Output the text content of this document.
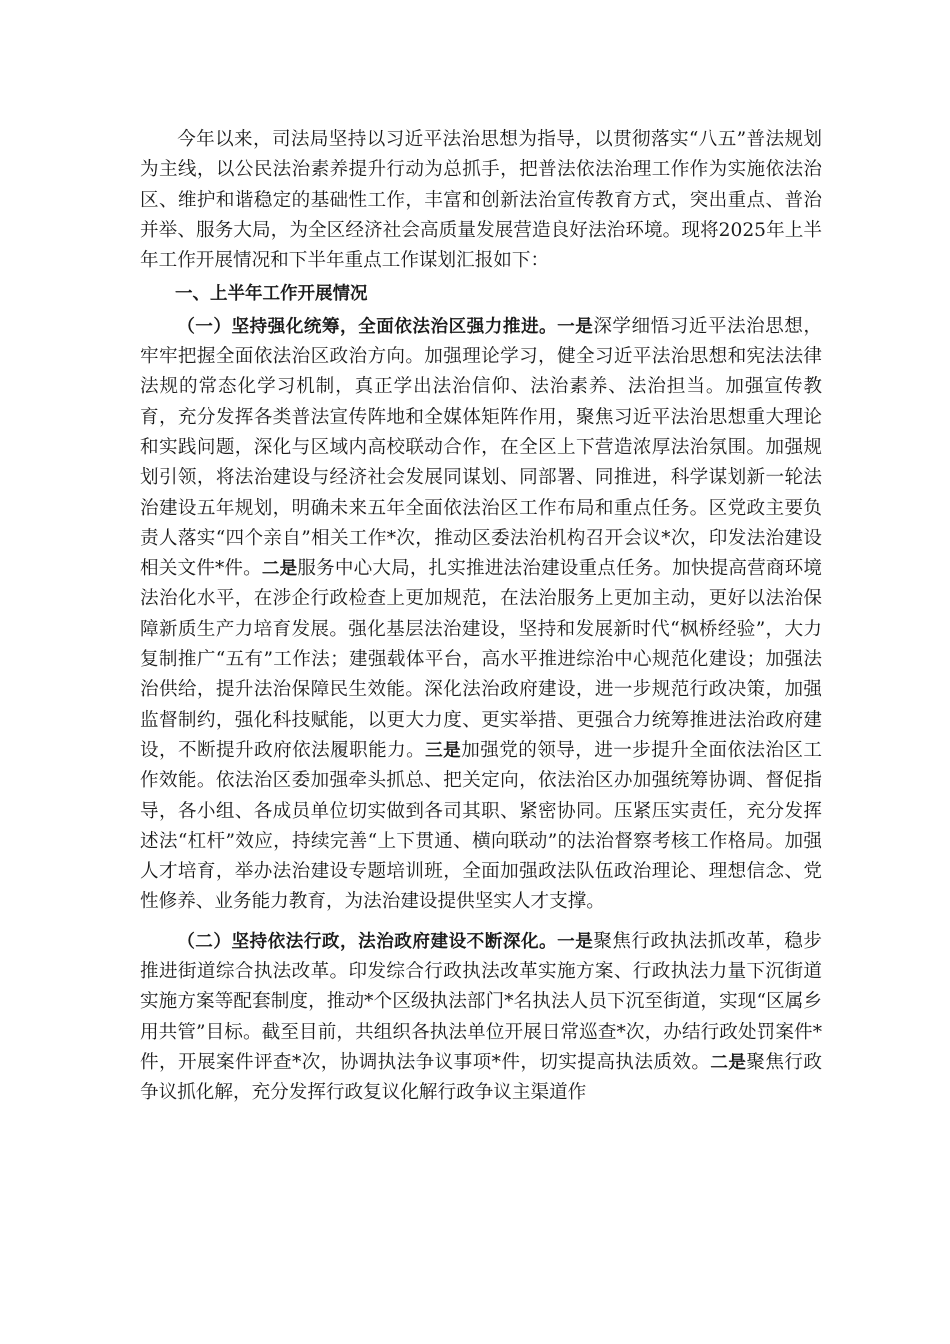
今年以来，司法局坚持以习近平法治思想为指导，以贯彻落实“八五”普法规划为主线，以公民法治素养提升行动为总抓手，把普法依法治理工作作为实施依法治区、维护和谐稳定的基础性工作，丰富和创新法治宣传教育方式，突出重点、普治并举、服务大局，为全区经济社会高质量发展营造良好法治环境。现将2025年上半年工作开展情况和下半年重点工作谋划汇报如下：

一、上半年工作开展情况

（一）坚持强化统筹，全面依法治区强力推进。一是深学细悟习近平法治思想，牢牢把握全面依法治区政治方向。加强理论学习，健全习近平法治思想和宪法法律法规的常态化学习机制，真正学出法治信仰、法治素养、法治担当。加强宣传教育，充分发挥各类普法宣传阵地和全媒体矩阵作用，聚焦习近平法治思想重大理论和实践问题，深化与区域内高校联动合作，在全区上下营造浓厚法治氛围。加强规划引领，将法治建设与经济社会发展同谋划、同部署、同推进，科学谋划新一轮法治建设五年规划，明确未来五年全面依法治区工作布局和重点任务。区党政主要负责人落实“四个亲自”相关工作*次，推动区委法治机构召开会议*次，印发法治建设相关文件*件。二是服务中心大局，扎实推进法治建设重点任务。加快提高营商环境法治化水平，在涉企行政检查上更加规范，在法治服务上更加主动，更好以法治保障新质生产力培育发展。强化基层法治建设，坚持和发展新时代“枫桥经验”，大力复制推广“五有”工作法；建强载体平台，高水平推进综治中心规范化建设；加强法治供给，提升法治保障民生效能。深化法治政府建设，进一步规范行政决策，加强监督制约，强化科技赋能，以更大力度、更实举措、更强合力统筹推进法治政府建设，不断提升政府依法履职能力。三是加强党的领导，进一步提升全面依法治区工作效能。依法治区委加强牵头抓总、把关定向，依法治区办加强统筹协调、督促指导，各小组、各成员单位切实做到各司其职、紧密协同。压紧压实责任，充分发挥述法“杠杆”效应，持续完善“上下贯通、横向联动”的法治督察考核工作格局。加强人才培育，举办法治建设专题培训班，全面加强政法队伍政治理论、理想信念、党性修养、业务能力教育，为法治建设提供坚实人才支撑。

（二）坚持依法行政，法治政府建设不断深化。一是聚焦行政执法抓改革，稳步推进街道综合执法改革。印发综合行政执法改革实施方案、行政执法力量下沉街道实施方案等配套制度，推动*个区级执法部门*名执法人员下沉至街道，实现“区属乡用共管”目标。截至目前，共组织各执法单位开展日常巡查*次，办结行政处罚案件*件，开展案件评查*次，协调执法争议事项*件，切实提高执法质效。二是聚焦行政争议抓化解，充分发挥行政复议化解行政争议主渠道作
